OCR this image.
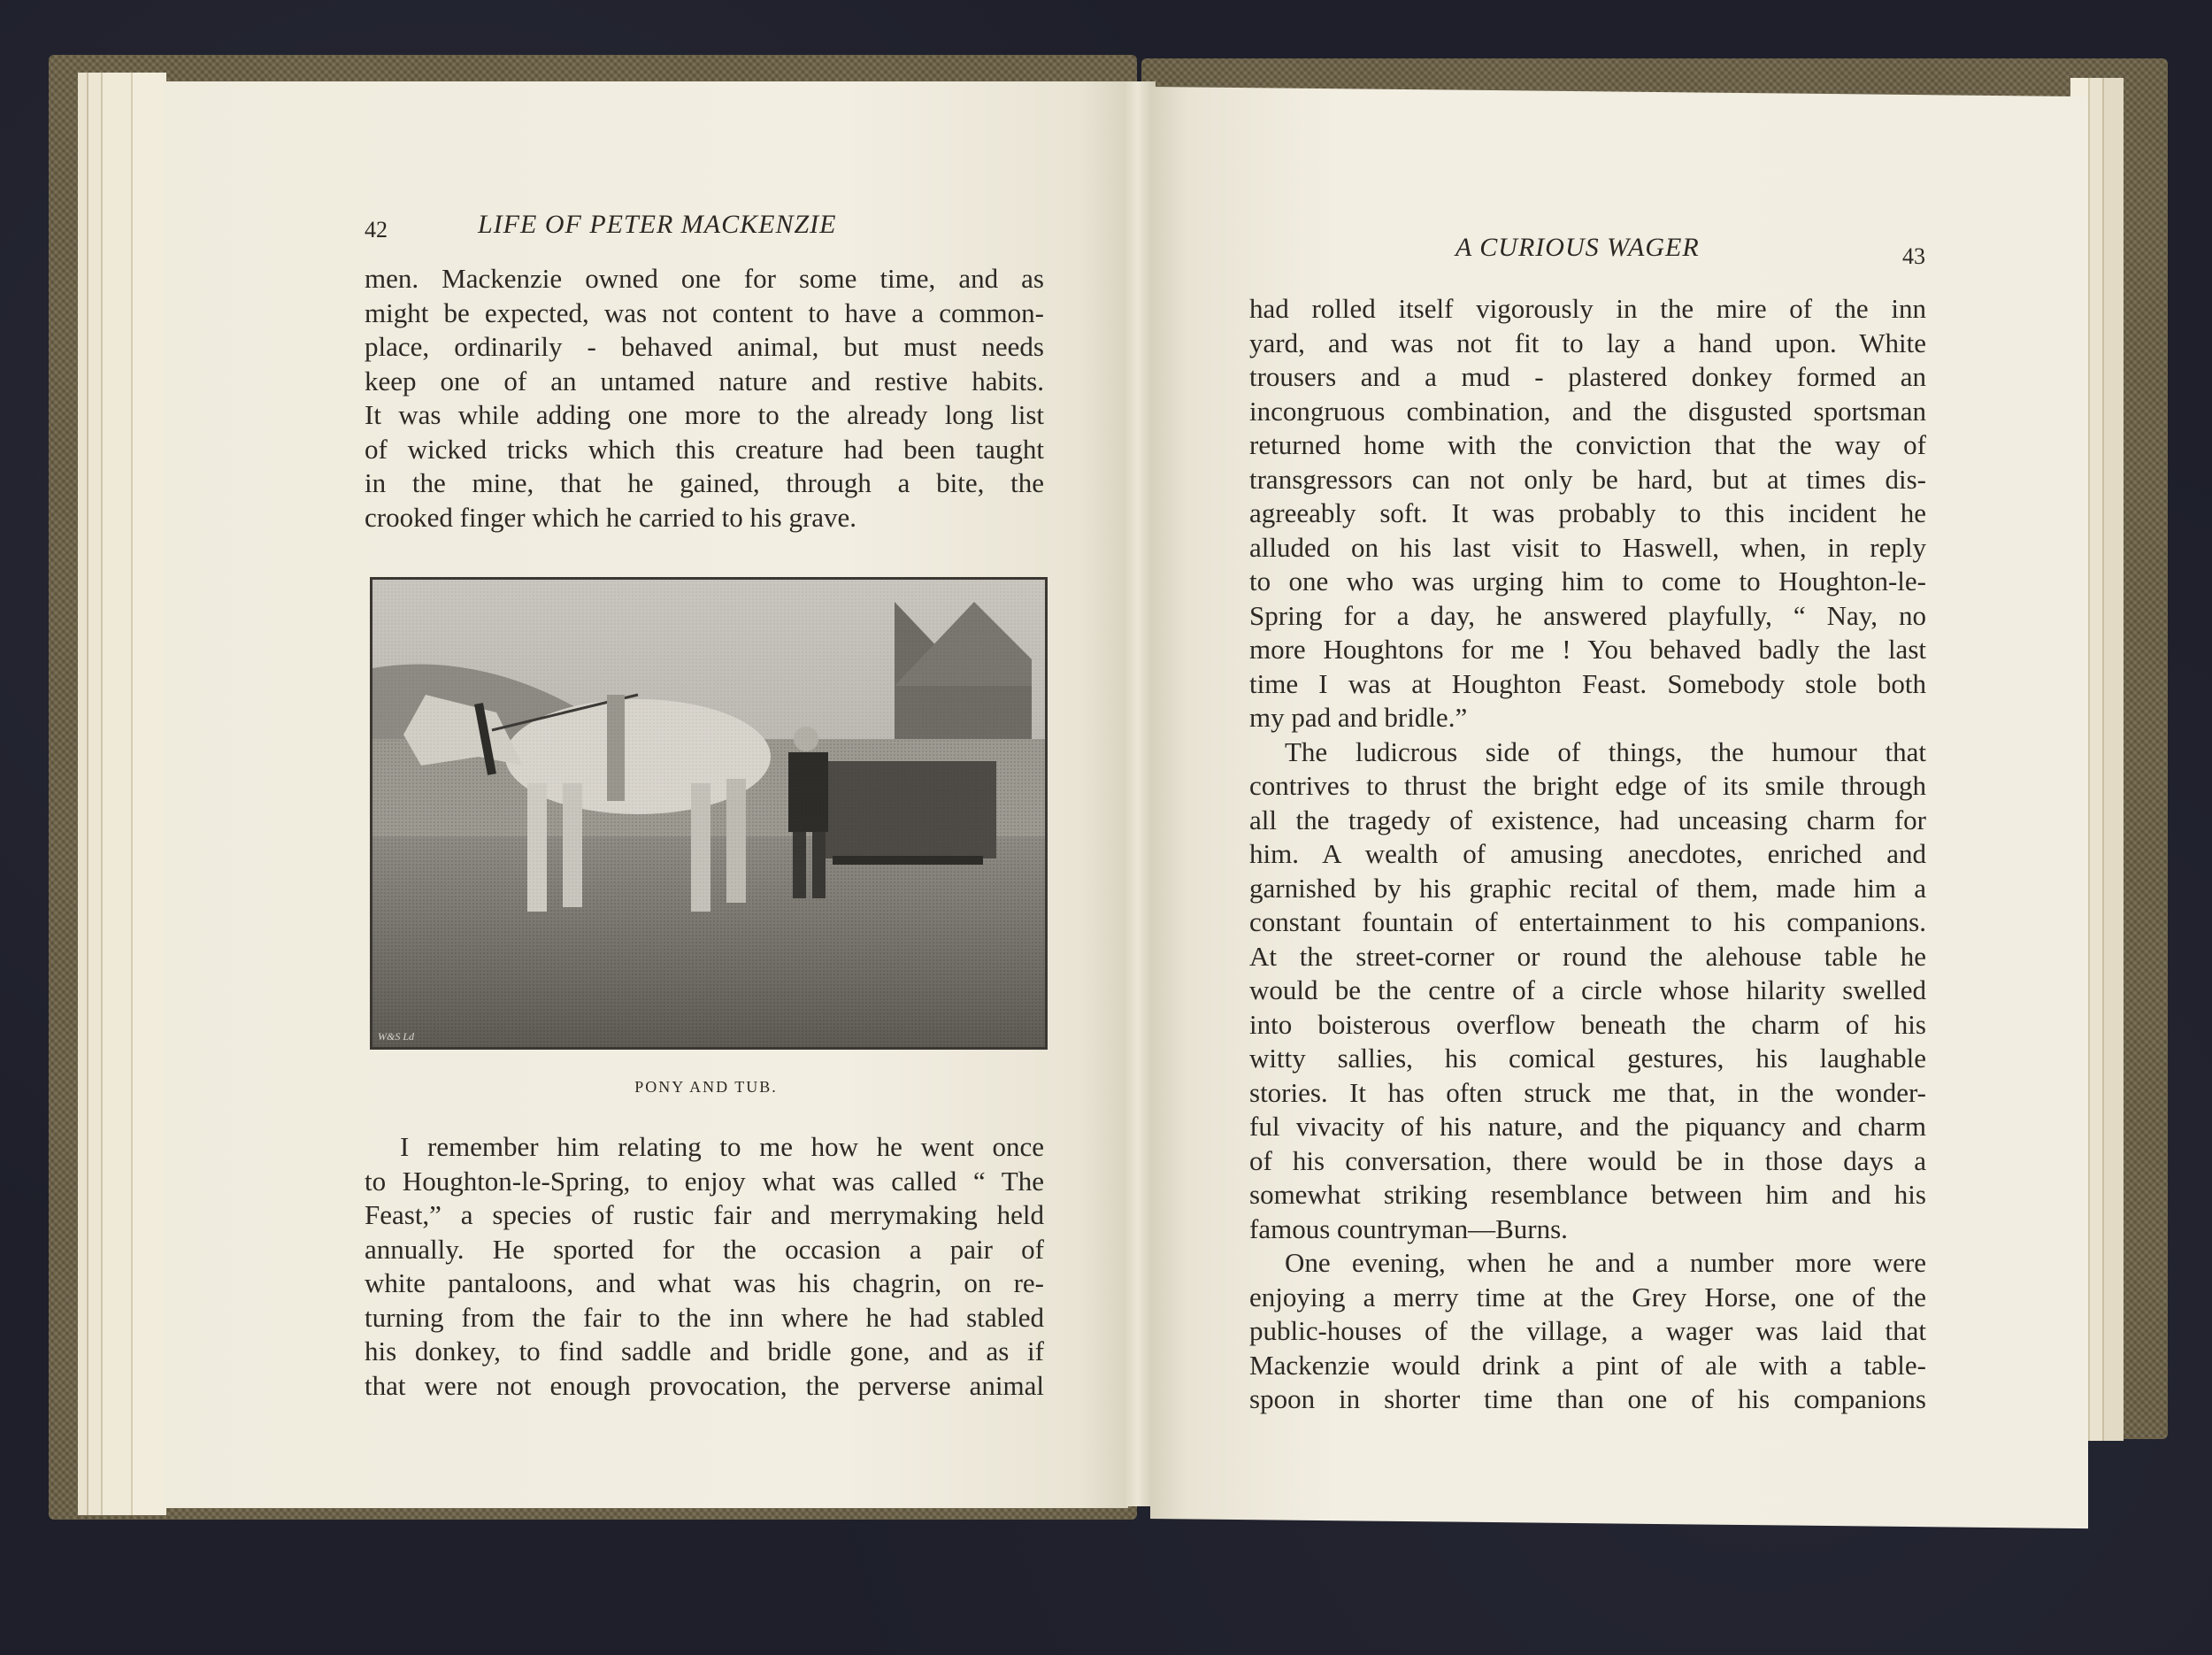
42	LIFE OF PETER MACKENZIE
men. Mackenzie owned one for some time, and as
might be expected, was not content to have a common-
place, ordinarily - behaved animal, but must needs
keep one of an untamed nature and restive habits.
It was while adding one more to the already long list
of wicked tricks which this creature had been taught
in the mine, that he gained, through a bite, the
crooked finger which he carried to his grave.
W&S Ld
PONY AND TUB.
I remember him relating to me how he went once
to Houghton-le-Spring, to enjoy what was called “ The
Feast,” a species of rustic fair and merrymaking held
annually. He sported for the occasion a pair of
white pantaloons, and what was his chagrin, on re-
turning from the fair to the inn where he had stabled
his donkey, to find saddle and bridle gone, and as if
that were not enough provocation, the perverse animal
A CURIOUS WAGER	43
had rolled itself vigorously in the mire of the inn
yard, and was not fit to lay a hand upon. White
trousers and a mud - plastered donkey formed an
incongruous combination, and the disgusted sportsman
returned home with the conviction that the way of
transgressors can not only be hard, but at times dis-
agreeably soft. It was probably to this incident he
alluded on his last visit to Haswell, when, in reply
to one who was urging him to come to Houghton-le-
Spring for a day, he answered playfully, “ Nay, no
more Houghtons for me ! You behaved badly the last
time I was at Houghton Feast. Somebody stole both
my pad and bridle.”
The ludicrous side of things, the humour that
contrives to thrust the bright edge of its smile through
all the tragedy of existence, had unceasing charm for
him. A wealth of amusing anecdotes, enriched and
garnished by his graphic recital of them, made him a
constant fountain of entertainment to his companions.
At the street-corner or round the alehouse table he
would be the centre of a circle whose hilarity swelled
into boisterous overflow beneath the charm of his
witty sallies, his comical gestures, his laughable
stories. It has often struck me that, in the wonder-
ful vivacity of his nature, and the piquancy and charm
of his conversation, there would be in those days a
somewhat striking resemblance between him and his
famous countryman—Burns.
One evening, when he and a number more were
enjoying a merry time at the Grey Horse, one of the
public-houses of the village, a wager was laid that
Mackenzie would drink a pint of ale with a table-
spoon in shorter time than one of his companions
